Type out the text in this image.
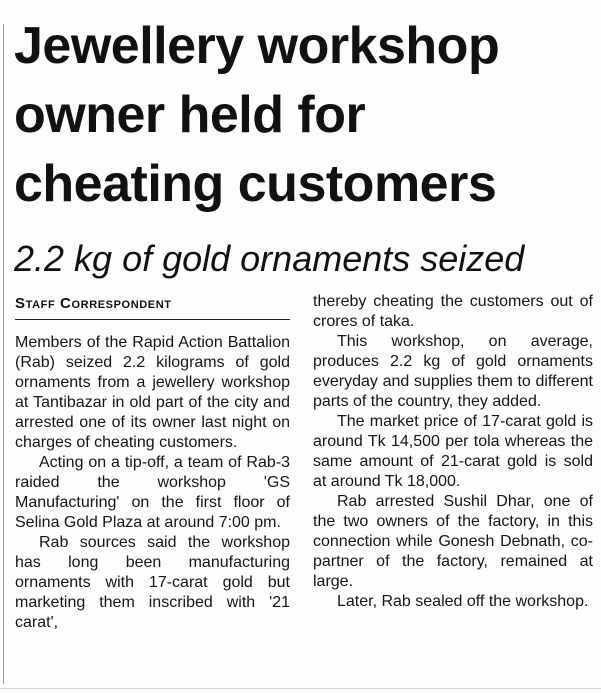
Jewellery workshop
owner held for
cheating customers
2.2 kg of gold ornaments seized
Staff Correspondent

Members of the Rapid Action Battalion (Rab) seized 2.2 kilograms of gold ornaments from a jewellery workshop at Tantibazar in old part of the city and arrested one of its owner last night on charges of cheating customers.

Acting on a tip-off, a team of Rab-3 raided the workshop 'GS Manufacturing' on the first floor of Selina Gold Plaza at around 7:00 pm.

Rab sources said the workshop has long been manufacturing ornaments with 17-carat gold but marketing them inscribed with '21 carat',

thereby cheating the customers out of crores of taka.

This workshop, on average, produces 2.2 kg of gold ornaments everyday and supplies them to different parts of the country, they added.

The market price of 17-carat gold is around Tk 14,500 per tola whereas the same amount of 21-carat gold is sold at around Tk 18,000.

Rab arrested Sushil Dhar, one of the two owners of the factory, in this connection while Gonesh Debnath, co-partner of the factory, remained at large.

Later, Rab sealed off the workshop.
